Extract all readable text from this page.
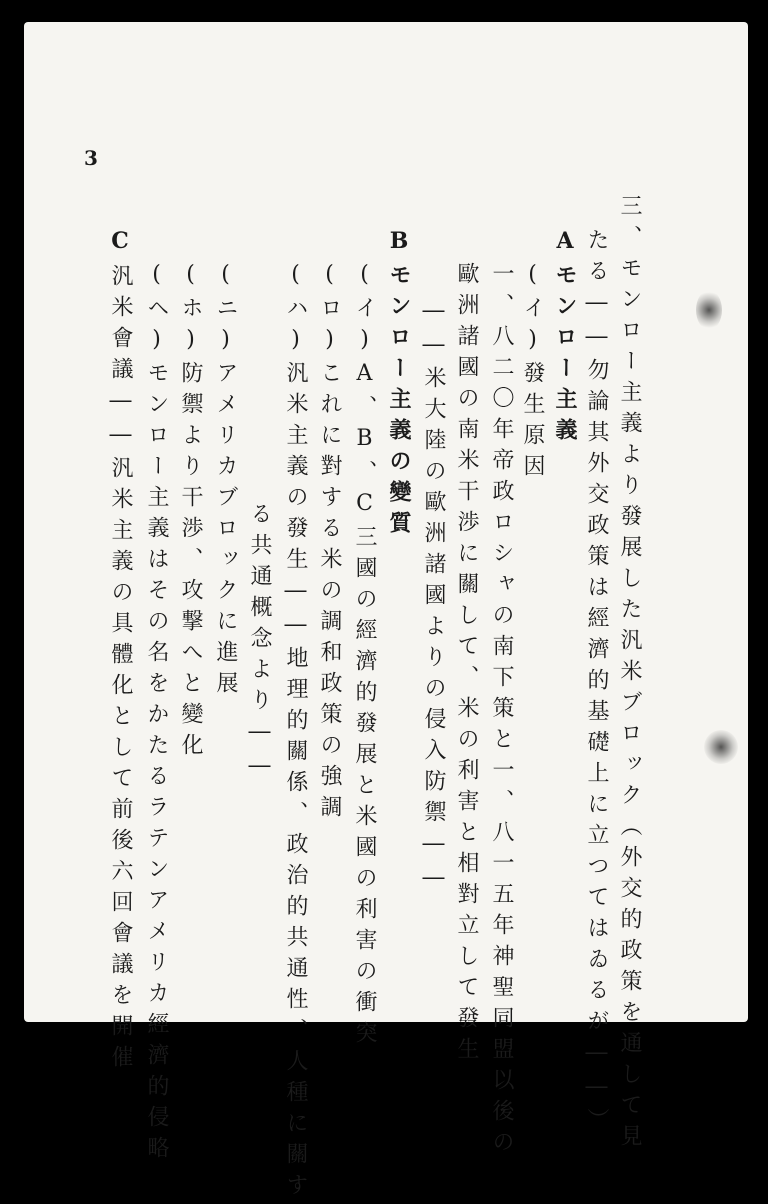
3
三、モンロー主義より發展した汎米ブロック（外交的政策を通して見
たる――勿論其外交政策は經濟的基礎上に立つてはゐるが――）
Aモンロー主義
(イ)發生原因
一、八二〇年帝政ロシャの南下策と一、八一五年神聖同盟以後の
歐洲諸國の南米干渉に關して、米の利害と相對立して發生
――米大陸の歐洲諸國よりの侵入防禦――
Bモンロー主義の變質
(イ)A、B、C三國の經濟的發展と米國の利害の衝突
(ロ)これに對する米の調和政策の強調
(ハ)汎米主義の發生――地理的關係、政治的共通性、人種に關す
る共通概念より――
(ニ)アメリカブロックに進展
(ホ)防禦より干渉、攻撃へと變化
(ヘ)モンロー主義はその名をかたるラテンアメリカ經濟的侵略
C
汎米會議――汎米主義の具體化として前後六回會議を開催
